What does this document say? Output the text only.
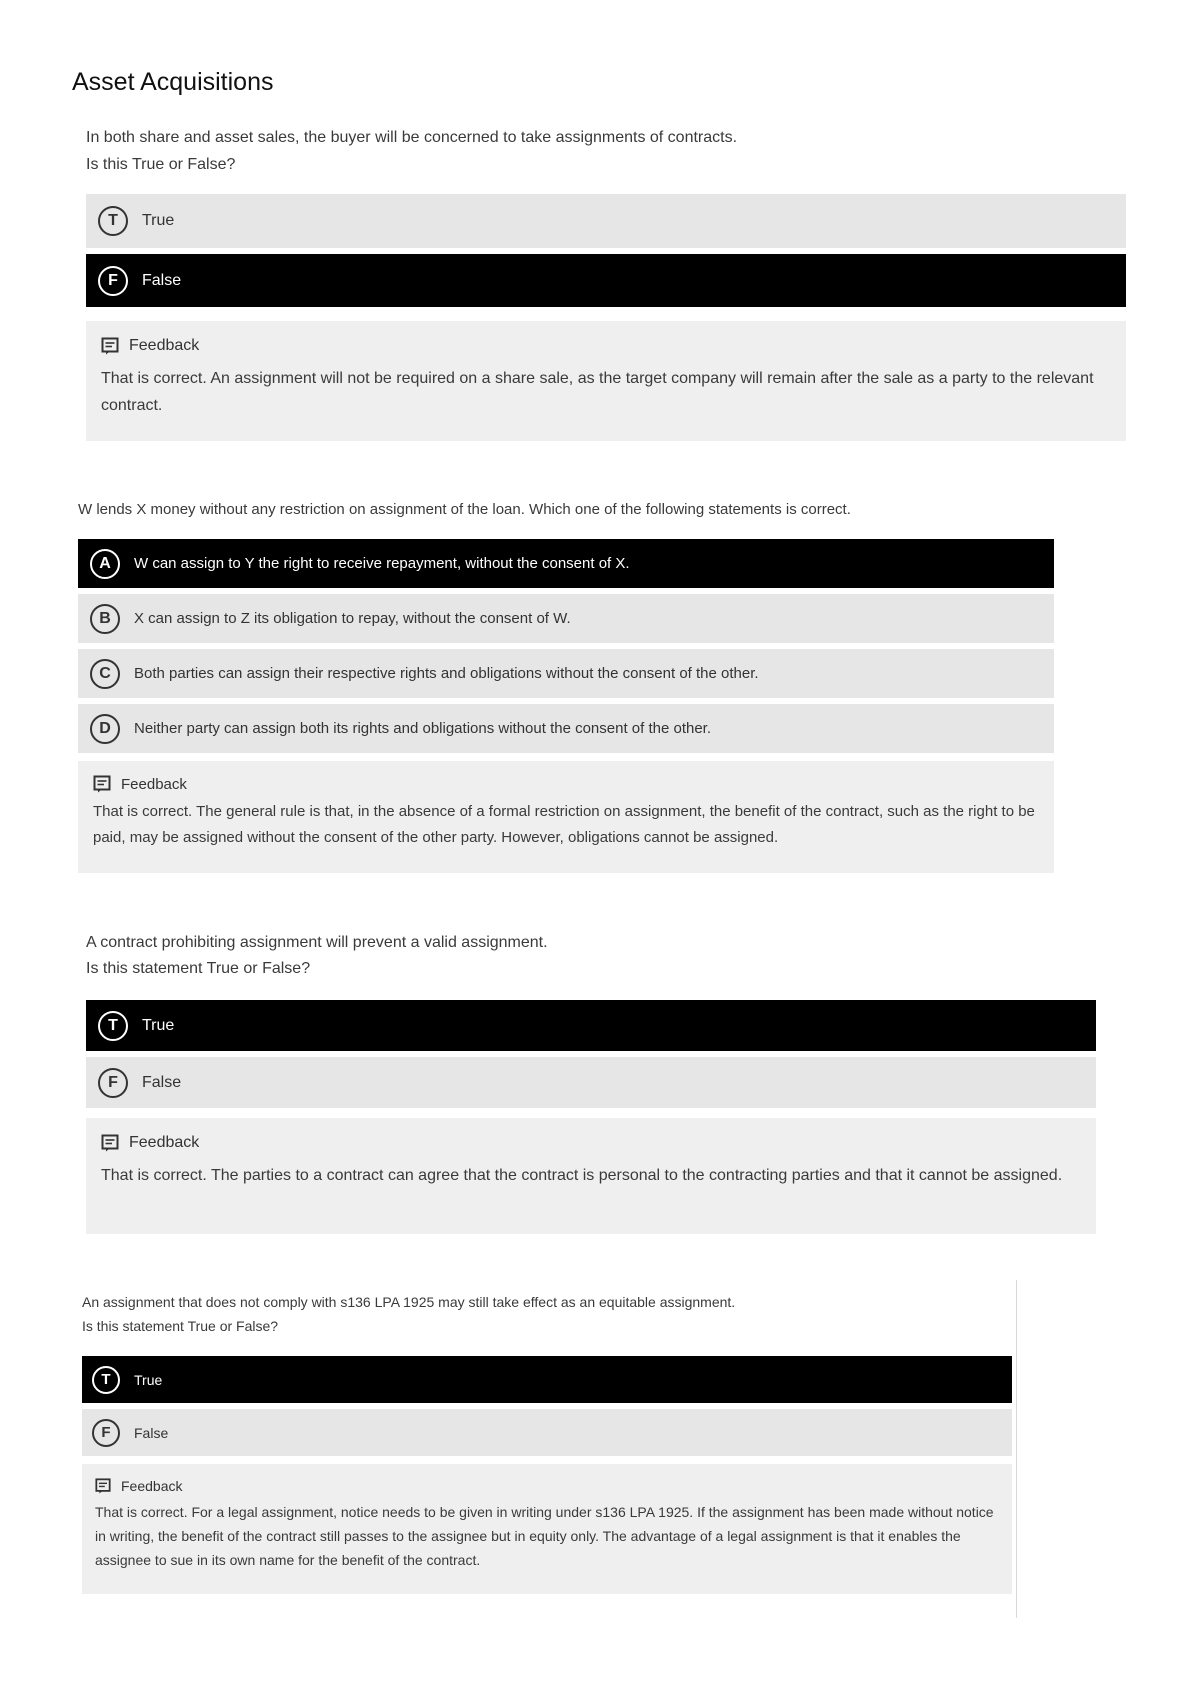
Asset Acquisitions

In both share and asset sales, the buyer will be concerned to take assignments of contracts.

Is this True or False?

T	True
F	False
Feedback

That is correct. An assignment will not be required on a share sale, as the target company will remain after the sale as a party to the relevant contract.

W lends X money without any restriction on assignment of the loan. Which one of the following statements is correct.

A	W can assign to Y the right to receive repayment, without the consent of X.
B	X can assign to Z its obligation to repay, without the consent of W.
C	Both parties can assign their respective rights and obligations without the consent of the other.
D	Neither party can assign both its rights and obligations without the consent of the other.
Feedback

That is correct. The general rule is that, in the absence of a formal restriction on assignment, the benefit of the contract, such as the right to be paid, may be assigned without the consent of the other party. However, obligations cannot be assigned.

A contract prohibiting assignment will prevent a valid assignment.

Is this statement True or False?

T	True
F	False
Feedback

That is correct. The parties to a contract can agree that the contract is personal to the contracting parties and that it cannot be assigned.

An assignment that does not comply with s136 LPA 1925 may still take effect as an equitable assignment.

Is this statement True or False?

T	True
F	False
Feedback

That is correct. For a legal assignment, notice needs to be given in writing under s136 LPA 1925. If the assignment has been made without notice in writing, the benefit of the contract still passes to the assignee but in equity only. The advantage of a legal assignment is that it enables the assignee to sue in its own name for the benefit of the contract.
